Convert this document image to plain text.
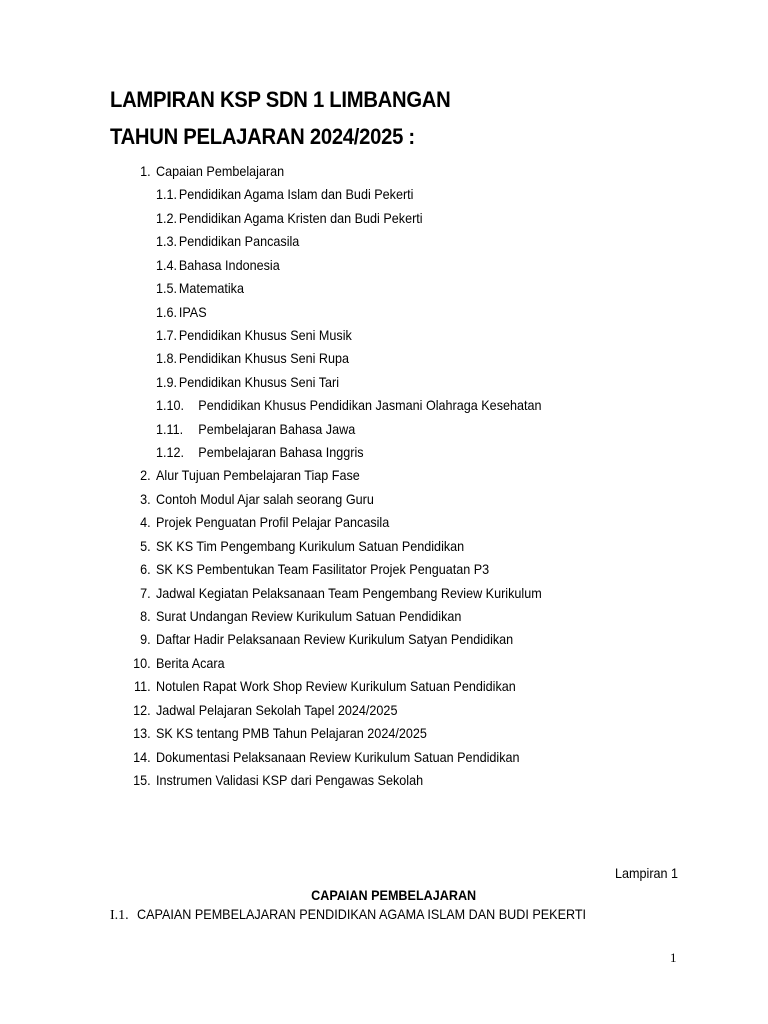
LAMPIRAN KSP SDN 1 LIMBANGAN
TAHUN PELAJARAN 2024/2025 :
1. Capaian Pembelajaran
1.1. Pendidikan Agama Islam dan Budi Pekerti
1.2. Pendidikan Agama Kristen dan Budi Pekerti
1.3. Pendidikan Pancasila
1.4. Bahasa Indonesia
1.5. Matematika
1.6. IPAS
1.7. Pendidikan Khusus Seni Musik
1.8. Pendidikan Khusus Seni Rupa
1.9. Pendidikan Khusus Seni Tari
1.10. Pendidikan Khusus Pendidikan Jasmani Olahraga Kesehatan
1.11. Pembelajaran Bahasa Jawa
1.12. Pembelajaran Bahasa Inggris
2. Alur Tujuan Pembelajaran Tiap Fase
3. Contoh Modul Ajar salah seorang Guru
4. Projek Penguatan Profil Pelajar Pancasila
5. SK KS Tim Pengembang Kurikulum Satuan Pendidikan
6. SK KS Pembentukan Team Fasilitator Projek Penguatan P3
7. Jadwal Kegiatan Pelaksanaan Team Pengembang Review Kurikulum
8. Surat Undangan Review Kurikulum Satuan Pendidikan
9. Daftar Hadir Pelaksanaan Review Kurikulum Satyan Pendidikan
10. Berita Acara
11. Notulen Rapat Work Shop Review Kurikulum Satuan Pendidikan
12. Jadwal Pelajaran Sekolah Tapel 2024/2025
13. SK KS tentang PMB Tahun Pelajaran 2024/2025
14. Dokumentasi Pelaksanaan Review Kurikulum Satuan Pendidikan
15. Instrumen Validasi KSP dari Pengawas Sekolah
Lampiran 1
CAPAIAN PEMBELAJARAN
I.1. CAPAIAN PEMBELAJARAN PENDIDIKAN AGAMA ISLAM DAN BUDI PEKERTI
1
